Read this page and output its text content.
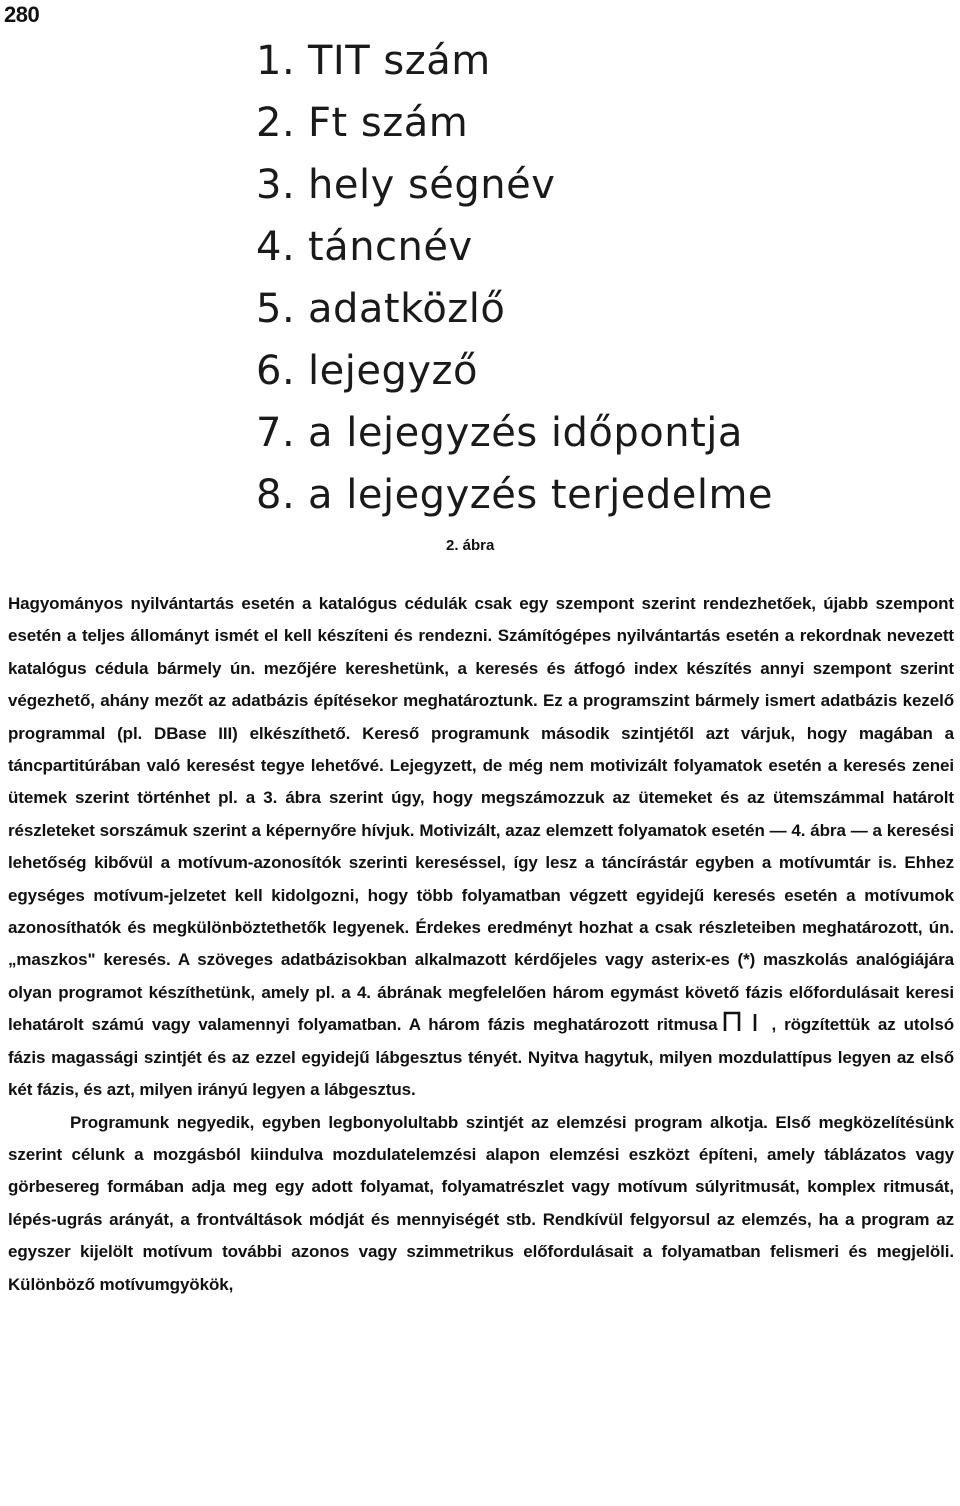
280
1. TIT szám
2. Ft szám
3. hely ségnév
4. táncnév
5. adatközlő
6. lejegyző
7. a lejegyzés időpontja
8. a lejegyzés terjedelme
2. ábra

Hagyományos nyilvántartás esetén a katalógus cédulák csak egy szempont szerint rendezhetőek, újabb szempont esetén a teljes állományt ismét el kell készíteni és rendezni. Számítógépes nyilvántartás esetén a rekordnak nevezett katalógus cédula bármely ún. mezőjére kereshetünk, a keresés és átfogó index készítés annyi szempont szerint végezhető, ahány mezőt az adatbázis építésekor meghatároztunk. Ez a programszint bármely ismert adatbázis kezelő programmal (pl. DBase III) elkészíthető. Kereső programunk második szintjétől azt várjuk, hogy magában a táncpartitúrában való keresést tegye lehetővé. Lejegyzett, de még nem motivizált folyamatok esetén a keresés zenei ütemek szerint történhet pl. a 3. ábra szerint úgy, hogy megszámozzuk az ütemeket és az ütemszámmal határolt részleteket sorszámuk szerint a képernyőre hívjuk. Motivizált, azaz elemzett folyamatok esetén — 4. ábra — a keresési lehetőség kibővül a motívum-azonosítók szerinti kereséssel, így lesz a táncírástár egyben a motívumtár is. Ehhez egységes motívum-jelzetet kell kidolgozni, hogy több folyamatban végzett egyidejű keresés esetén a motívumok azonosíthatók és megkülönböztethetők legyenek. Érdekes eredményt hozhat a csak részleteiben meghatározott, ún. „maszkos" keresés. A szöveges adatbázisokban alkalmazott kérdőjeles vagy asterix-es (*) maszkolás analógiájára olyan programot készíthetünk, amely pl. a 4. ábrának megfelelően három egymást követő fázis előfordulásait keresi lehatárolt számú vagy valamennyi folyamatban. A három fázis meghatározott ritmusa	, rögzítettük az utolsó fázis magassági szintjét és az ezzel egyidejű lábgesztus tényét. Nyitva hagytuk, milyen mozdulattípus legyen az első két fázis, és azt, milyen irányú legyen a lábgesztus.

Programunk negyedik, egyben legbonyolultabb szintjét az elemzési program alkotja. Első megközelítésünk szerint célunk a mozgásból kiindulva mozdulatelemzési alapon elemzési eszközt építeni, amely táblázatos vagy görbesereg formában adja meg egy adott folyamat, folyamatrészlet vagy motívum súlyritmusát, komplex ritmusát, lépés-ugrás arányát, a frontváltások módját és mennyiségét stb. Rendkívül felgyorsul az elemzés, ha a program az egyszer kijelölt motívum további azonos vagy szimmetrikus előfordulásait a folyamatban felismeri és megjelöli. Különböző motívumgyökök,
